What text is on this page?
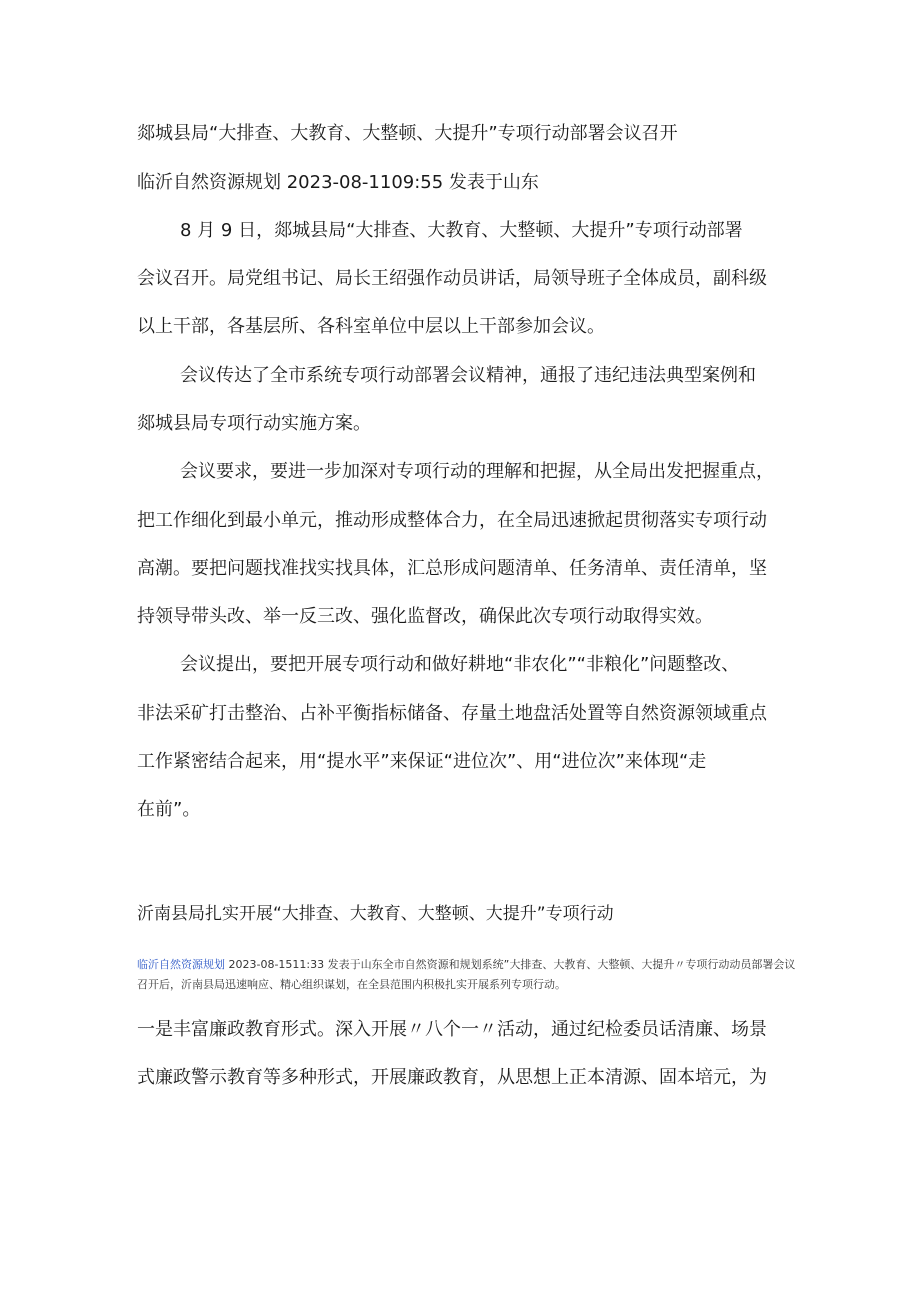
郯城县局“大排查、大教育、大整顿、大提升”专项行动部署会议召开
临沂自然资源规划 2023-08-1109:55 发表于山东
8 月 9 日，郯城县局“大排查、大教育、大整顿、大提升”专项行动部署
会议召开。局党组书记、局长王绍强作动员讲话，局领导班子全体成员，副科级
以上干部，各基层所、各科室单位中层以上干部参加会议。
会议传达了全市系统专项行动部署会议精神，通报了违纪违法典型案例和
郯城县局专项行动实施方案。
会议要求，要进一步加深对专项行动的理解和把握，从全局出发把握重点，
把工作细化到最小单元，推动形成整体合力，在全局迅速掀起贯彻落实专项行动
高潮。要把问题找准找实找具体，汇总形成问题清单、任务清单、责任清单，坚
持领导带头改、举一反三改、强化监督改，确保此次专项行动取得实效。
会议提出，要把开展专项行动和做好耕地“非农化”“非粮化”问题整改、
非法采矿打击整治、占补平衡指标储备、存量土地盘活处置等自然资源领域重点
工作紧密结合起来，用“提水平”来保证“进位次”、用“进位次”来体现“走
在前”。
沂南县局扎实开展“大排查、大教育、大整顿、大提升”专项行动
临沂自然资源规划 2023-08-1511:33 发表于山东全市自然资源和规划系统”大排查、大教育、大整顿、大提升〃专项行动动员部署会议召开后，沂南县局迅速响应、精心组织谋划，在全县范围内积极扎实开展系列专项行动。
一是丰富廉政教育形式。深入开展〃八个一〃活动，通过纪检委员话清廉、场景
式廉政警示教育等多种形式，开展廉政教育，从思想上正本清源、固本培元，为
